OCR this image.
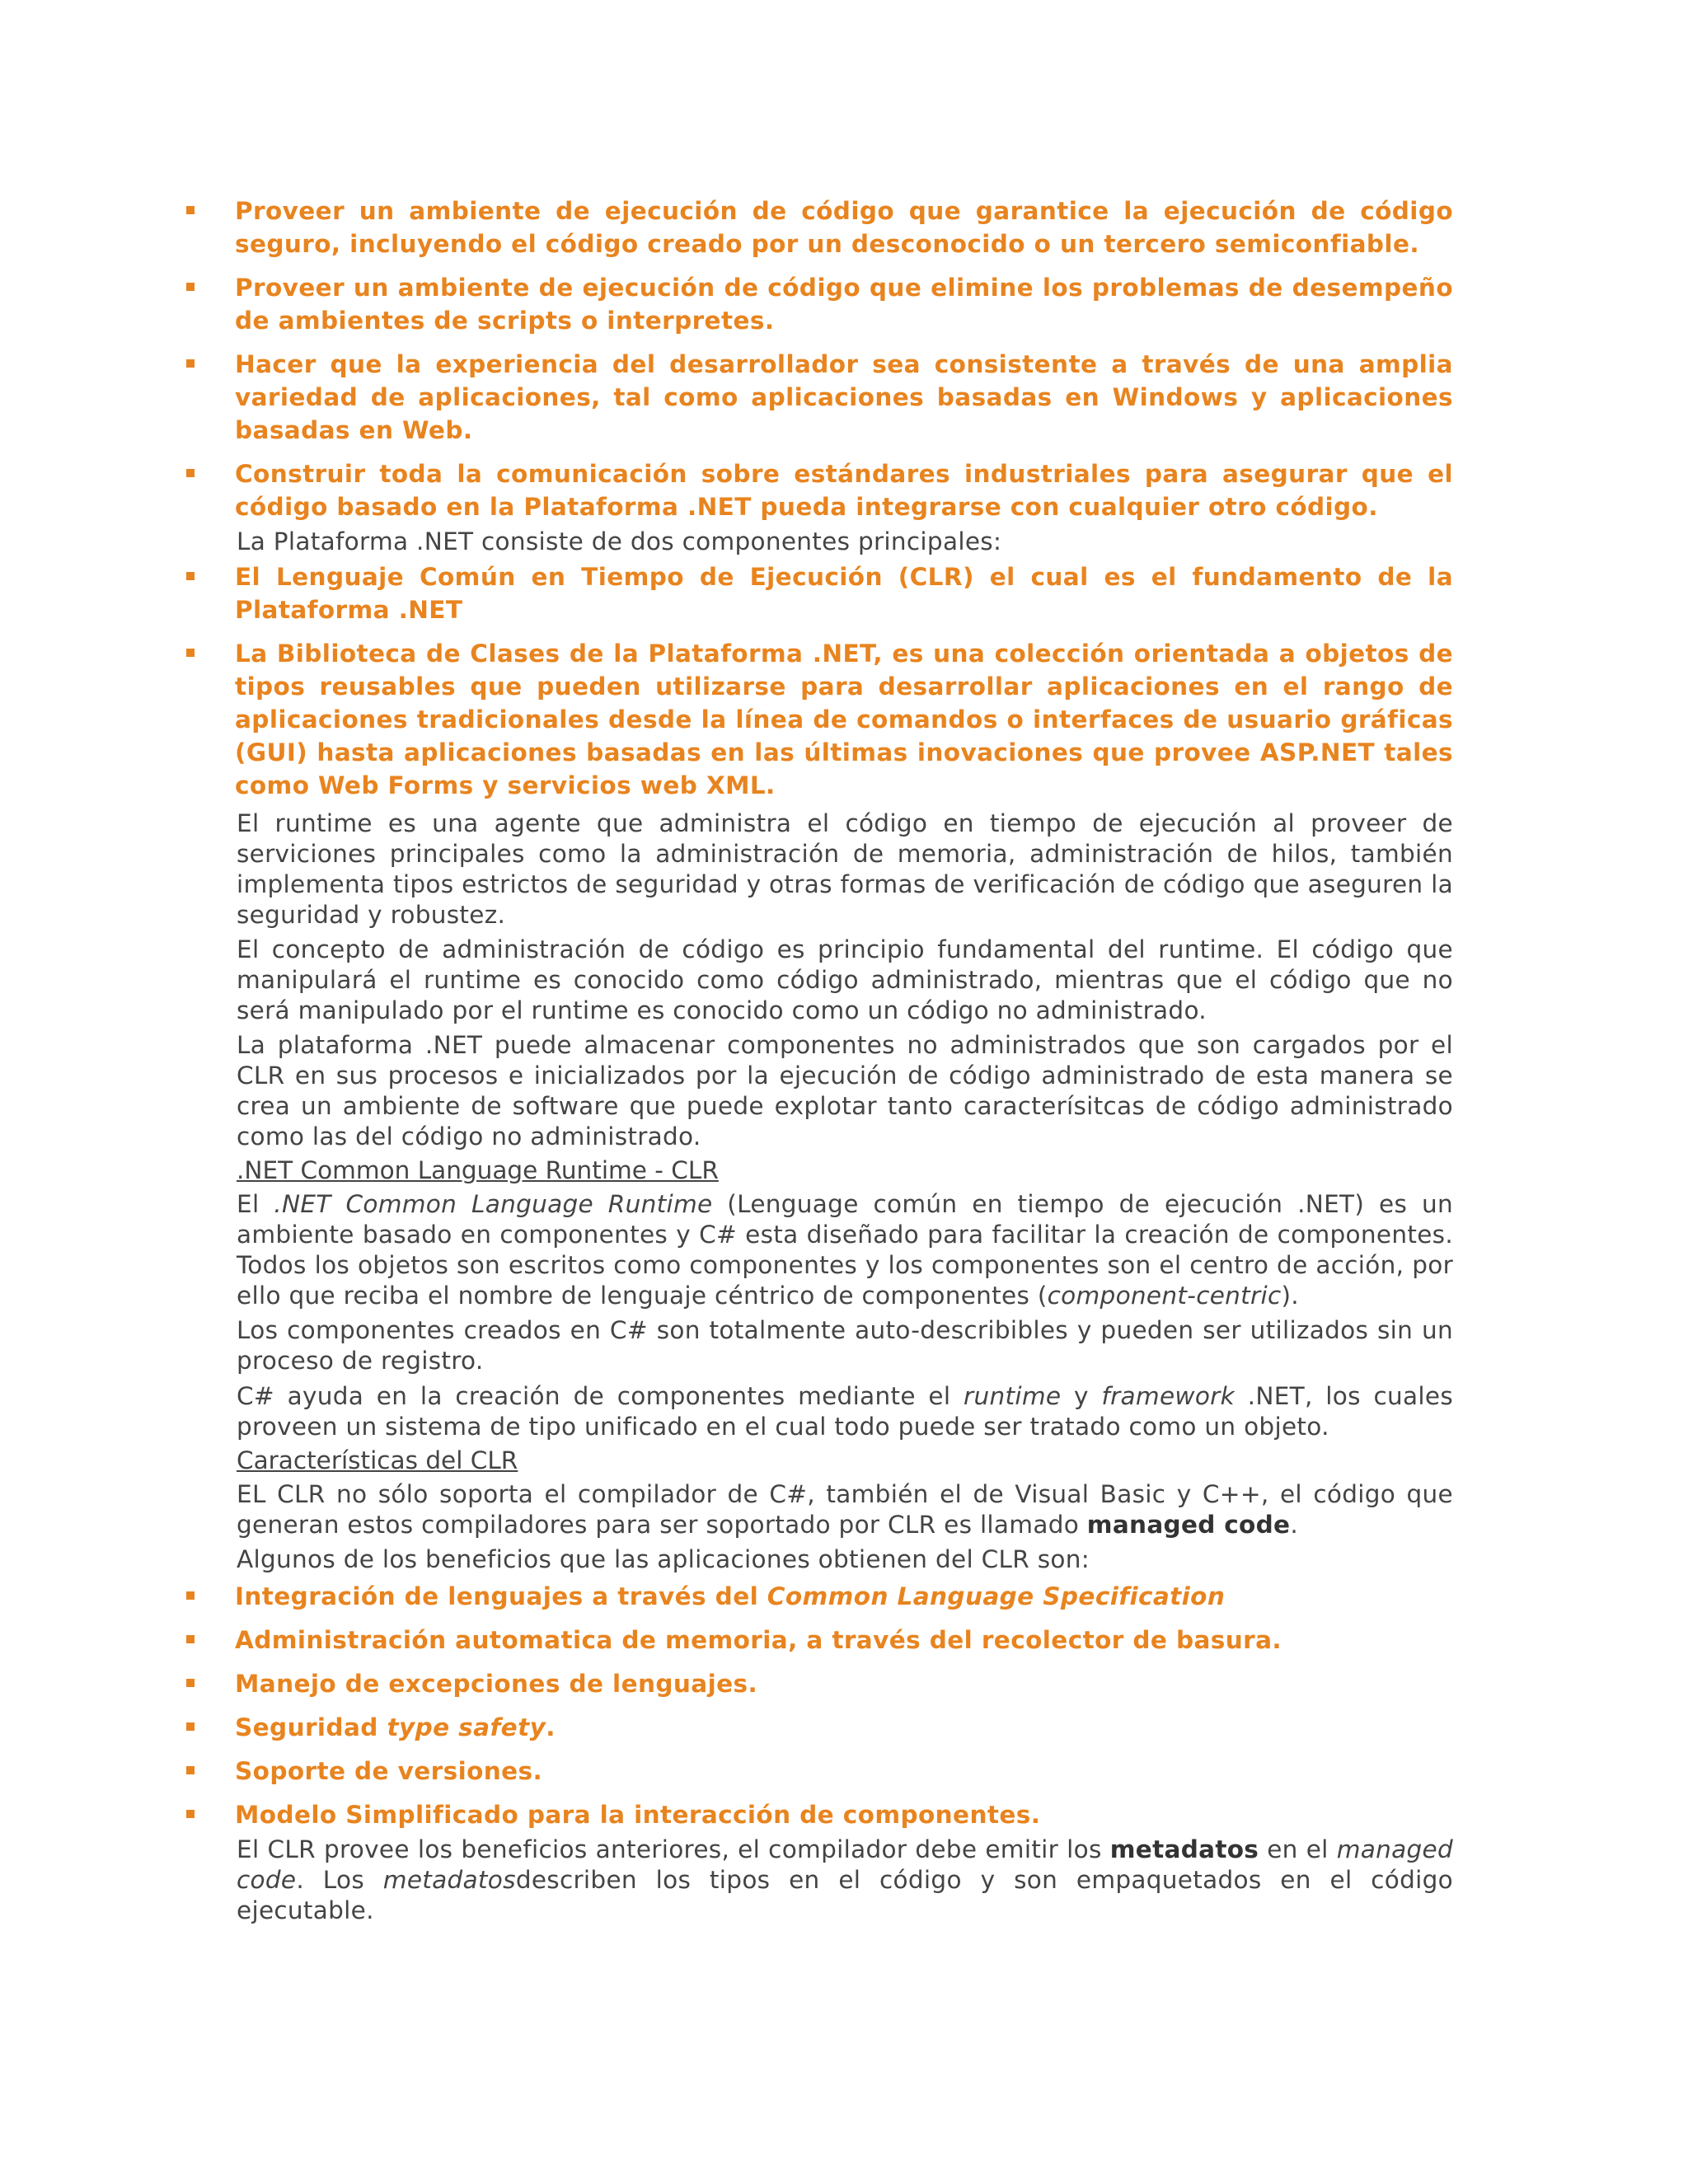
Proveer un ambiente de ejecución de código que garantice la ejecución de código seguro, incluyendo el código creado por un desconocido o un tercero semiconfiable.
Proveer un ambiente de ejecución de código que elimine los problemas de desempeño de ambientes de scripts o interpretes.
Hacer que la experiencia del desarrollador sea consistente a través de una amplia variedad de aplicaciones, tal como aplicaciones basadas en Windows y aplicaciones basadas en Web.
Construir toda la comunicación sobre estándares industriales para asegurar que el código basado en la Plataforma .NET pueda integrarse con cualquier otro código.
La Plataforma .NET consiste de dos componentes principales:
El Lenguaje Común en Tiempo de Ejecución (CLR) el cual es el fundamento de la Plataforma .NET
La Biblioteca de Clases de la Plataforma .NET, es una colección orientada a objetos de tipos reusables que pueden utilizarse para desarrollar aplicaciones en el rango de aplicaciones tradicionales desde la línea de comandos o interfaces de usuario gráficas (GUI) hasta aplicaciones basadas en las últimas inovaciones que provee ASP.NET tales como Web Forms y servicios web XML.
El runtime es una agente que administra el código en tiempo de ejecución al proveer de serviciones principales como la administración de memoria, administración de hilos, también implementa tipos estrictos de seguridad y otras formas de verificación de código que aseguren la seguridad y robustez.
El concepto de administración de código es principio fundamental del runtime. El código que manipulará el runtime es conocido como código administrado, mientras que el código que no será manipulado por el runtime es conocido como un código no administrado.
La plataforma .NET puede almacenar componentes no administrados que son cargados por el CLR en sus procesos e inicializados por la ejecución de código administrado de esta manera se crea un ambiente de software que puede explotar tanto caracterísitcas de código administrado como las del código no administrado.
.NET Common Language Runtime - CLR
El .NET Common Language Runtime (Lenguage común en tiempo de ejecución .NET) es un ambiente basado en componentes y C# esta diseñado para facilitar la creación de componentes. Todos los objetos son escritos como componentes y los componentes son el centro de acción, por ello que reciba el nombre de lenguaje céntrico de componentes (component-centric).
Los componentes creados en C# son totalmente auto-describibles y pueden ser utilizados sin un proceso de registro.
C# ayuda en la creación de componentes mediante el runtime y framework .NET, los cuales proveen un sistema de tipo unificado en el cual todo puede ser tratado como un objeto.
Características del CLR
EL CLR no sólo soporta el compilador de C#, también el de Visual Basic y C++, el código que generan estos compiladores para ser soportado por CLR es llamado managed code.
Algunos de los beneficios que las aplicaciones obtienen del CLR son:
Integración de lenguajes a través del Common Language Specification
Administración automatica de memoria, a través del recolector de basura.
Manejo de excepciones de lenguajes.
Seguridad type safety.
Soporte de versiones.
Modelo Simplificado para la interacción de componentes.
El CLR provee los beneficios anteriores, el compilador debe emitir los metadatos en el managed code. Los metadatosdescriben los tipos en el código y son empaquetados en el código ejecutable.
